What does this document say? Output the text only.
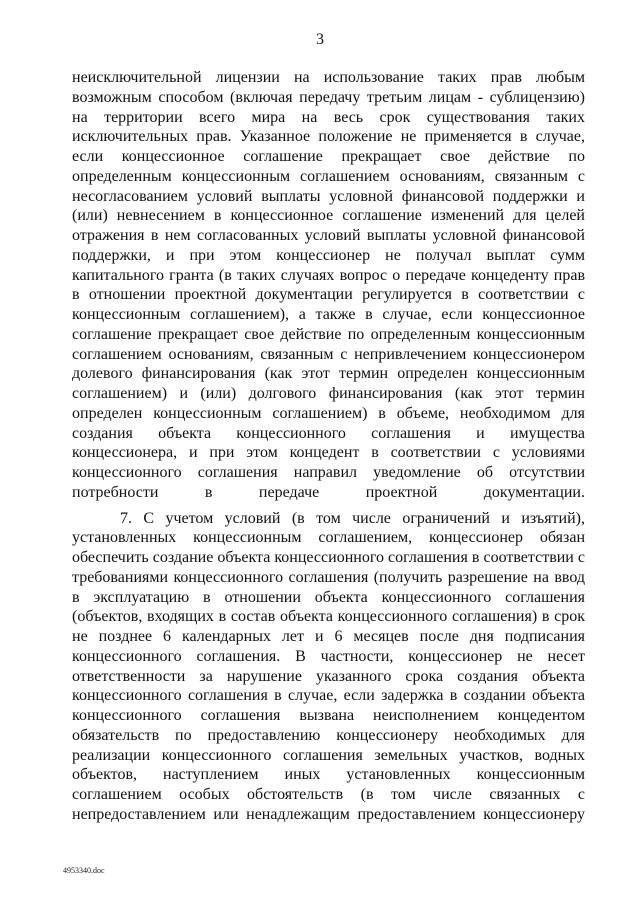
3

неисключительной лицензии на использование таких прав любым возможным способом (включая передачу третьим лицам - сублицензию) на территории всего мира на весь срок существования таких исключительных прав. Указанное положение не применяется в случае, если концессионное соглашение прекращает свое действие по определенным концессионным соглашением основаниям, связанным с несогласованием условий выплаты условной финансовой поддержки и (или) невнесением в концессионное соглашение изменений для целей отражения в нем согласованных условий выплаты условной финансовой поддержки, и при этом концессионер не получал выплат сумм капитального гранта (в таких случаях вопрос о передаче концеденту прав в отношении проектной документации регулируется в соответствии с концессионным соглашением), а также в случае, если концессионное соглашение прекращает свое действие по определенным концессионным соглашением основаниям, связанным с непривлечением концессионером долевого финансирования (как этот термин определен концессионным соглашением) и (или) долгового финансирования (как этот термин определен концессионным соглашением) в объеме, необходимом для создания объекта концессионного соглашения и имущества концессионера, и при этом концедент в соответствии с условиями концессионного соглашения направил уведомление об отсутствии потребности в передаче проектной документации.

7. С учетом условий (в том числе ограничений и изъятий), установленных концессионным соглашением, концессионер обязан обеспечить создание объекта концессионного соглашения в соответствии с требованиями концессионного соглашения (получить разрешение на ввод в эксплуатацию в отношении объекта концессионного соглашения (объектов, входящих в состав объекта концессионного соглашения) в срок не позднее 6 календарных лет и 6 месяцев после дня подписания концессионного соглашения. В частности, концессионер не несет ответственности за нарушение указанного срока создания объекта концессионного соглашения в случае, если задержка в создании объекта концессионного соглашения вызвана неисполнением концедентом обязательств по предоставлению концессионеру необходимых для реализации концессионного соглашения земельных участков, водных объектов, наступлением иных установленных концессионным соглашением особых обстоятельств (в том числе связанных с непредоставлением или ненадлежащим предоставлением концессионеру

4953340.doc
